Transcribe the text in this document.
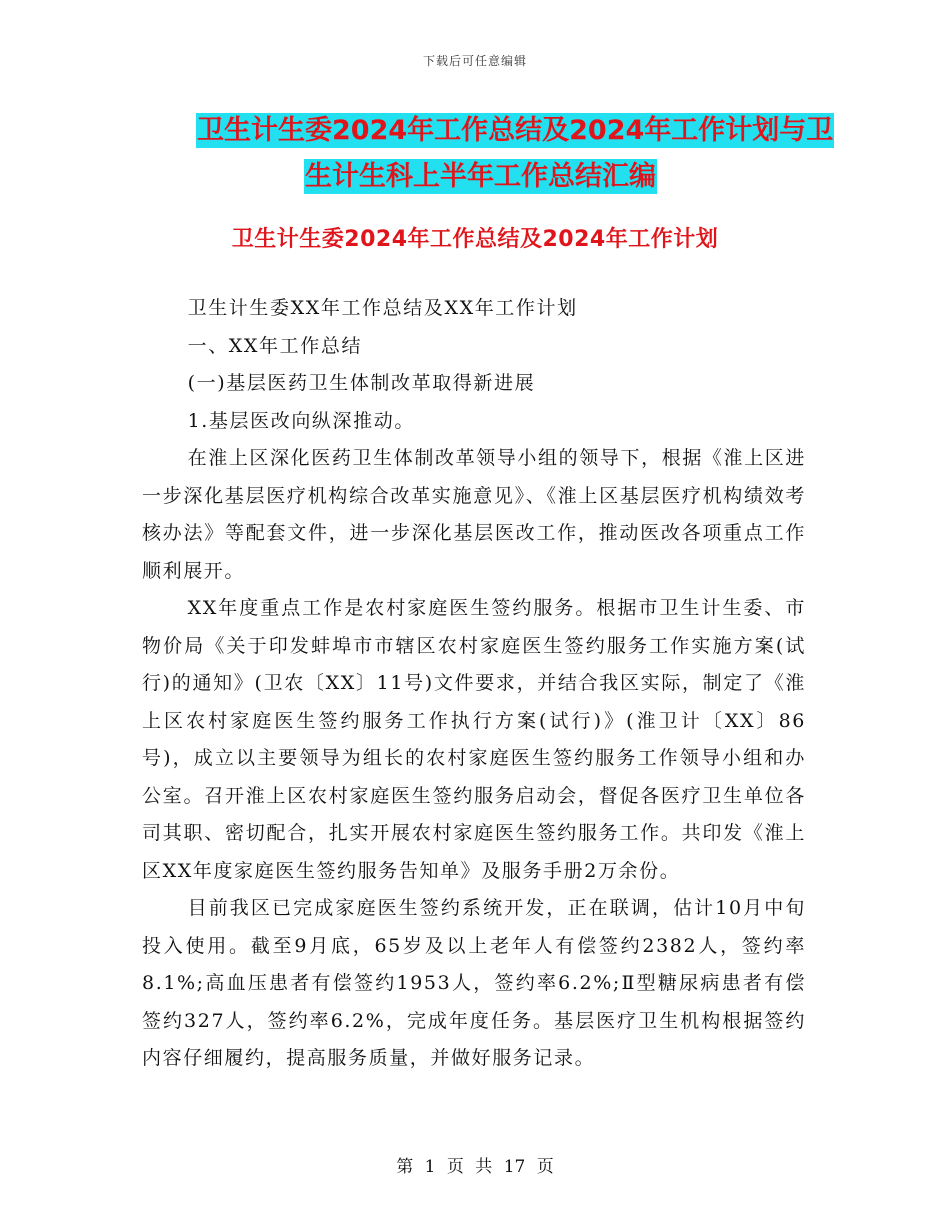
下载后可任意编辑
卫生计生委2024年工作总结及2024年工作计划与卫
生计生科上半年工作总结汇编
卫生计生委2024年工作总结及2024年工作计划

卫生计生委XX年工作总结及XX年工作计划

一、XX年工作总结

(一)基层医药卫生体制改革取得新进展

1.基层医改向纵深推动。

在淮上区深化医药卫生体制改革领导小组的领导下，根据《淮上区进一步深化基层医疗机构综合改革实施意见》、《淮上区基层医疗机构绩效考核办法》等配套文件，进一步深化基层医改工作，推动医改各项重点工作顺利展开。

XX年度重点工作是农村家庭医生签约服务。根据市卫生计生委、市物价局《关于印发蚌埠市市辖区农村家庭医生签约服务工作实施方案(试行)的通知》(卫农〔XX〕11号)文件要求，并结合我区实际，制定了《淮上区农村家庭医生签约服务工作执行方案(试行)》(淮卫计〔XX〕86号)，成立以主要领导为组长的农村家庭医生签约服务工作领导小组和办公室。召开淮上区农村家庭医生签约服务启动会，督促各医疗卫生单位各司其职、密切配合，扎实开展农村家庭医生签约服务工作。共印发《淮上区XX年度家庭医生签约服务告知单》及服务手册2万余份。

目前我区已完成家庭医生签约系统开发，正在联调，估计10月中旬投入使用。截至9月底，65岁及以上老年人有偿签约2382人，签约率8.1%;高血压患者有偿签约1953人，签约率6.2%;Ⅱ型糖尿病患者有偿签约327人，签约率6.2%，完成年度任务。基层医疗卫生机构根据签约内容仔细履约，提高服务质量，并做好服务记录。

第 1 页 共 17 页
